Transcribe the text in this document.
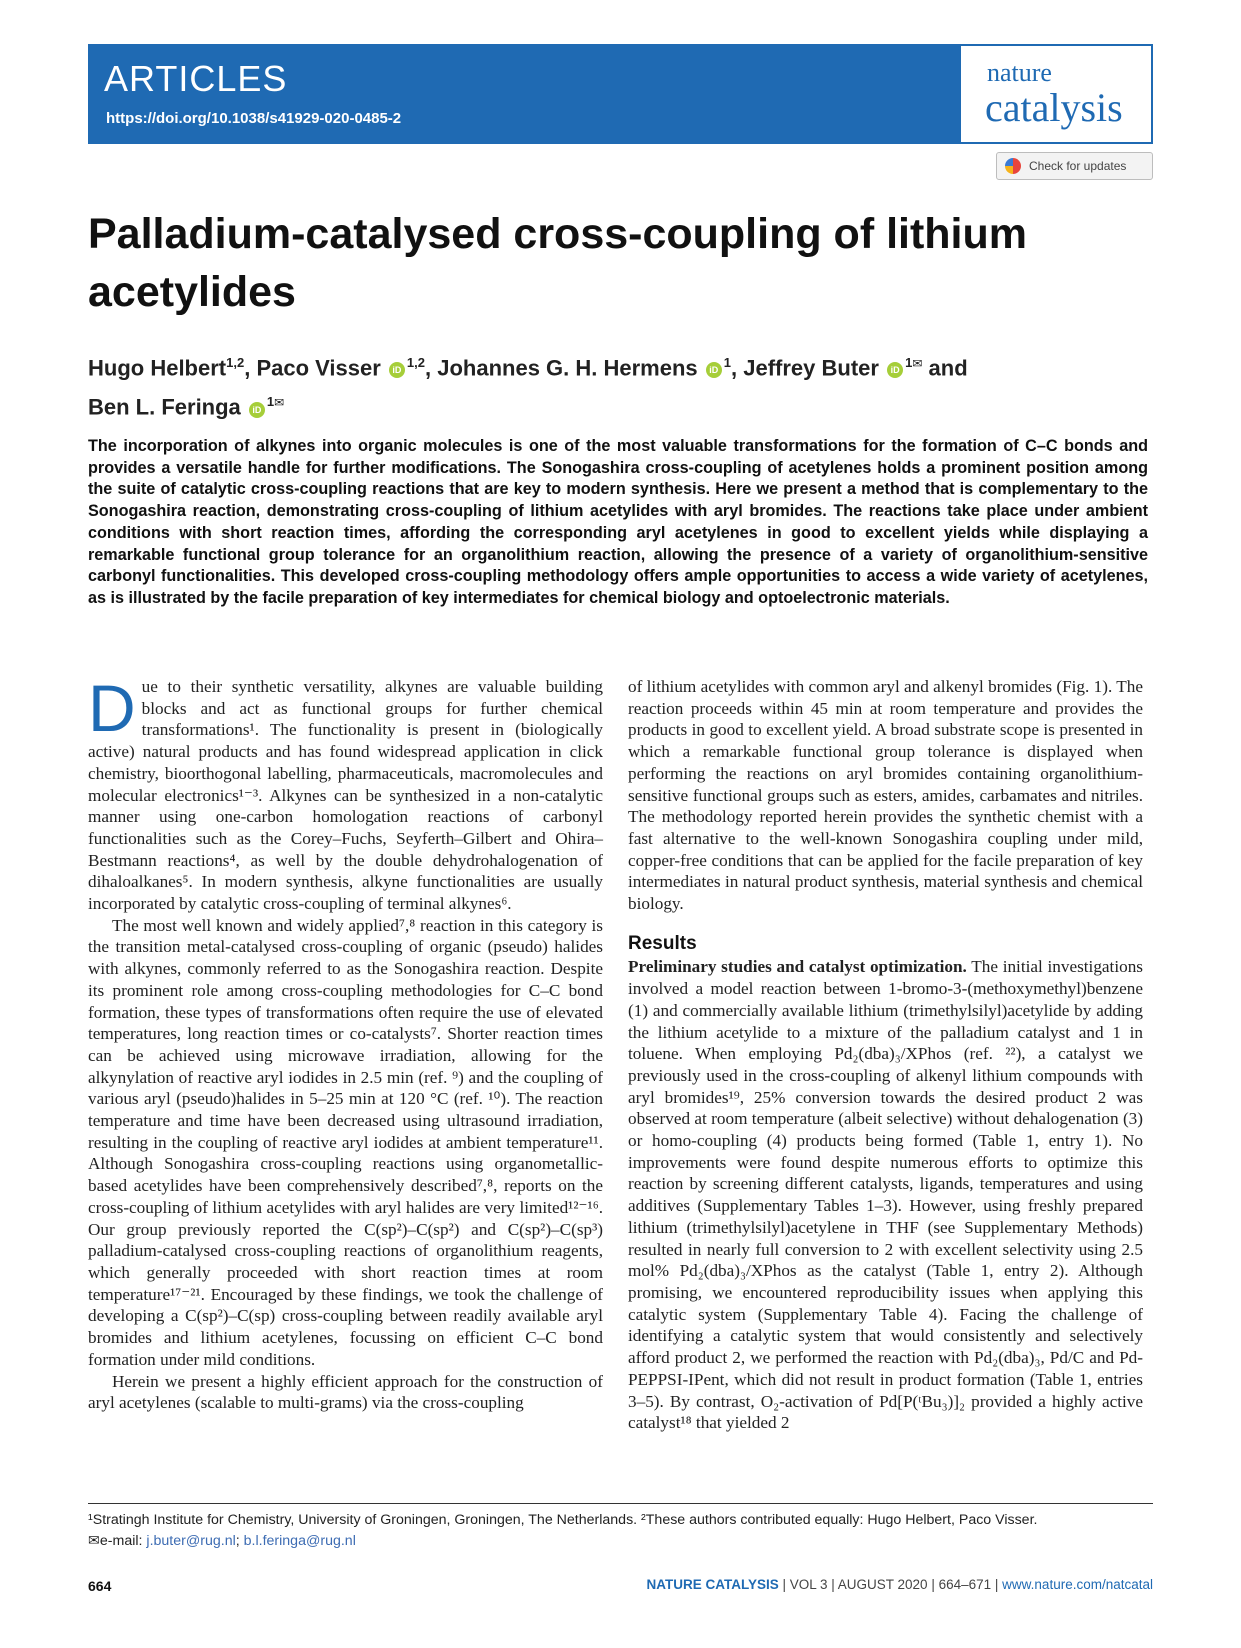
ARTICLES
https://doi.org/10.1038/s41929-020-0485-2
nature
catalysis
Check for updates
Palladium-catalysed cross-coupling of lithium acetylides
Hugo Helbert$^{1,2}$, Paco Visser iD$^{1,2}$, Johannes G. H. Hermens $iD^1$, Jeffrey Buter $iD^{1✉}$ and
Ben L. Feringa $iD^{1✉}$

The incorporation of alkynes into organic molecules is one of the most valuable transformations for the formation of C–C bonds and provides a versatile handle for further modifications. The Sonogashira cross-coupling of acetylenes holds a prominent position among the suite of catalytic cross-coupling reactions that are key to modern synthesis. Here we present a method that is complementary to the Sonogashira reaction, demonstrating cross-coupling of lithium acetylides with aryl bromides. The reactions take place under ambient conditions with short reaction times, affording the corresponding aryl acetylenes in good to excellent yields while displaying a remarkable functional group tolerance for an organolithium reaction, allowing the presence of a variety of organolithium-sensitive carbonyl functionalities. This developed cross-coupling methodology offers ample opportunities to access a wide variety of acetylenes, as is illustrated by the facile preparation of key intermediates for chemical biology and optoelectronic materials.

Due to their synthetic versatility, alkynes are valuable building blocks and act as functional groups for further chemical transformations¹. The functionality is present in (biologically active) natural products and has found widespread application in click chemistry, bioorthogonal labelling, pharmaceuticals, macromolecules and molecular electronics¹⁻³. Alkynes can be synthesized in a non-catalytic manner using one-carbon homologation reactions of carbonyl functionalities such as the Corey–Fuchs, Seyferth–Gilbert and Ohira–Bestmann reactions⁴, as well by the double dehydrohalogenation of dihaloalkanes⁵. In modern synthesis, alkyne functionalities are usually incorporated by catalytic cross-coupling of terminal alkynes⁶.

The most well known and widely applied⁷,⁸ reaction in this category is the transition metal-catalysed cross-coupling of organic (pseudo) halides with alkynes, commonly referred to as the Sonogashira reaction. Despite its prominent role among cross-coupling methodologies for C–C bond formation, these types of transformations often require the use of elevated temperatures, long reaction times or co-catalysts⁷. Shorter reaction times can be achieved using microwave irradiation, allowing for the alkynylation of reactive aryl iodides in 2.5 min (ref. ⁹) and the coupling of various aryl (pseudo)halides in 5–25 min at 120 °C (ref. ¹⁰). The reaction temperature and time have been decreased using ultrasound irradiation, resulting in the coupling of reactive aryl iodides at ambient temperature¹¹. Although Sonogashira cross-coupling reactions using organometallic-based acetylides have been comprehensively described⁷,⁸, reports on the cross-coupling of lithium acetylides with aryl halides are very limited¹²⁻¹⁶. Our group previously reported the C(sp²)–C(sp²) and C(sp²)–C(sp³) palladium-catalysed cross-coupling reactions of organolithium reagents, which generally proceeded with short reaction times at room temperature¹⁷⁻²¹. Encouraged by these findings, we took the challenge of developing a C(sp²)–C(sp) cross-coupling between readily available aryl bromides and lithium acetylenes, focussing on efficient C–C bond formation under mild conditions.

Herein we present a highly efficient approach for the construction of aryl acetylenes (scalable to multi-grams) via the cross-coupling

of lithium acetylides with common aryl and alkenyl bromides (Fig. 1). The reaction proceeds within 45 min at room temperature and provides the products in good to excellent yield. A broad substrate scope is presented in which a remarkable functional group tolerance is displayed when performing the reactions on aryl bromides containing organolithium-sensitive functional groups such as esters, amides, carbamates and nitriles. The methodology reported herein provides the synthetic chemist with a fast alternative to the well-known Sonogashira coupling under mild, copper-free conditions that can be applied for the facile preparation of key intermediates in natural product synthesis, material synthesis and chemical biology.

Results

Preliminary studies and catalyst optimization. The initial investigations involved a model reaction between 1-bromo-3-(methoxymethyl)benzene (1) and commercially available lithium (trimethylsilyl)acetylide by adding the lithium acetylide to a mixture of the palladium catalyst and 1 in toluene. When employing Pd₂(dba)₃/XPhos (ref. ²²), a catalyst we previously used in the cross-coupling of alkenyl lithium compounds with aryl bromides¹⁹, 25% conversion towards the desired product 2 was observed at room temperature (albeit selective) without dehalogenation (3) or homo-coupling (4) products being formed (Table 1, entry 1). No improvements were found despite numerous efforts to optimize this reaction by screening different catalysts, ligands, temperatures and using additives (Supplementary Tables 1–3). However, using freshly prepared lithium (trimethylsilyl)acetylene in THF (see Supplementary Methods) resulted in nearly full conversion to 2 with excellent selectivity using 2.5 mol% Pd₂(dba)₃/XPhos as the catalyst (Table 1, entry 2). Although promising, we encountered reproducibility issues when applying this catalytic system (Supplementary Table 4). Facing the challenge of identifying a catalytic system that would consistently and selectively afford product 2, we performed the reaction with Pd₂(dba)₃, Pd/C and Pd-PEPPSI-IPent, which did not result in product formation (Table 1, entries 3–5). By contrast, O₂-activation of Pd[P(ᵗBu₃)]₂ provided a highly active catalyst¹⁸ that yielded 2

¹Stratingh Institute for Chemistry, University of Groningen, Groningen, The Netherlands. ²These authors contributed equally: Hugo Helbert, Paco Visser.
✉e-mail: j.buter@rug.nl; b.l.feringa@rug.nl
664	NATURE CATALYSIS | VOL 3 | AUGUST 2020 | 664–671 | www.nature.com/natcatal
